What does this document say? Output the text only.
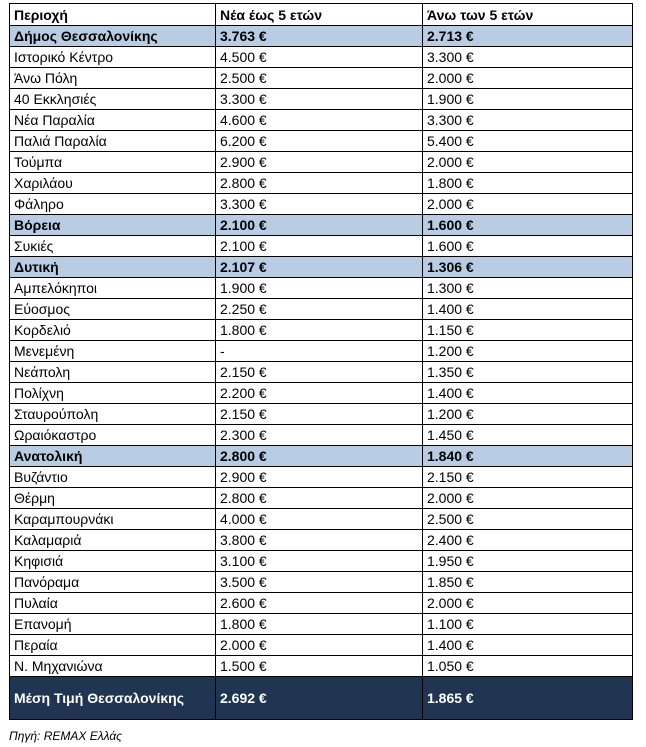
Περιοχή	Νέα έως 5 ετών	Άνω των 5 ετών
Δήμος Θεσσαλονίκης	3.763 €	2.713 €
Ιστορικό Κέντρο	4.500 €	3.300 €
Άνω Πόλη	2.500 €	2.000 €
40 Εκκλησιές	3.300 €	1.900 €
Νέα Παραλία	4.600 €	3.300 €
Παλιά Παραλία	6.200 €	5.400 €
Τούμπα	2.900 €	2.000 €
Χαριλάου	2.800 €	1.800 €
Φάληρο	3.300 €	2.000 €
Βόρεια	2.100 €	1.600 €
Συκιές	2.100 €	1.600 €
Δυτική	2.107 €	1.306 €
Αμπελόκηποι	1.900 €	1.300 €
Εύοσμος	2.250 €	1.400 €
Κορδελιό	1.800 €	1.150 €
Μενεμένη	-	1.200 €
Νεάπολη	2.150 €	1.350 €
Πολίχνη	2.200 €	1.400 €
Σταυρούπολη	2.150 €	1.200 €
Ωραιόκαστρο	2.300 €	1.450 €
Ανατολική	2.800 €	1.840 €
Βυζάντιο	2.900 €	2.150 €
Θέρμη	2.800 €	2.000 €
Καραμπουρνάκι	4.000 €	2.500 €
Καλαμαριά	3.800 €	2.400 €
Κηφισιά	3.100 €	1.950 €
Πανόραμα	3.500 €	1.850 €
Πυλαία	2.600 €	2.000 €
Επανομή	1.800 €	1.100 €
Περαία	2.000 €	1.400 €
Ν. Μηχανιώνα	1.500 €	1.050 €
Μέση Τιμή Θεσσαλονίκης	2.692 €	1.865 €
Πηγή: REMAX Ελλάς
